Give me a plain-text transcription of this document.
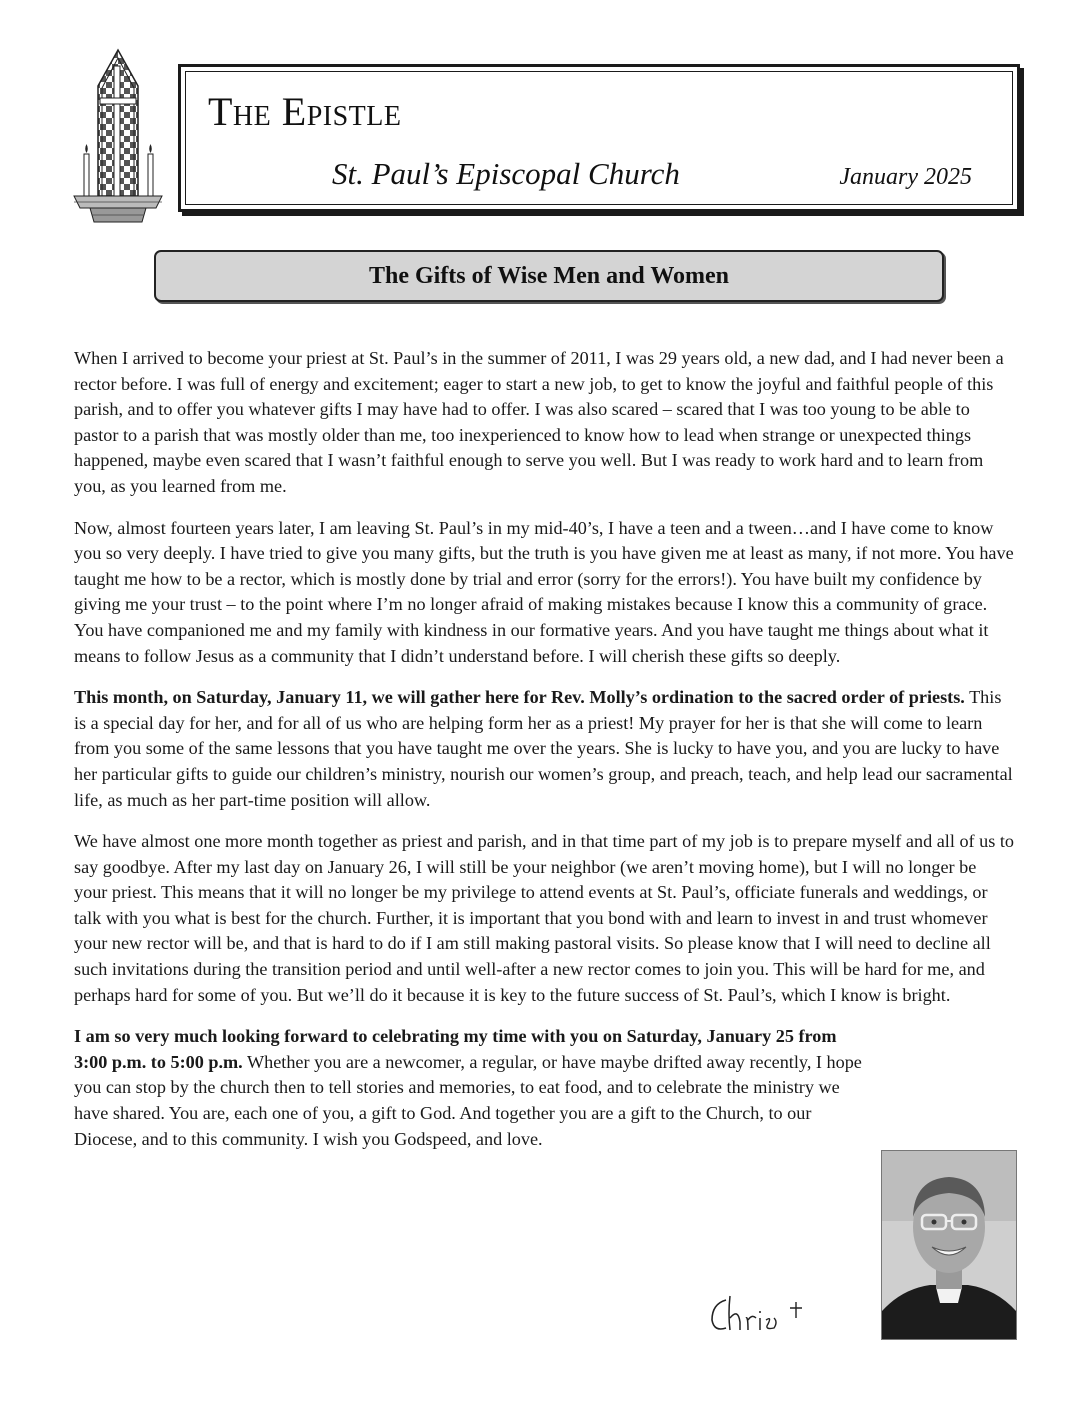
The Epistle
St. Paul’s Episcopal Church	January 2025
The Gifts of Wise Men and Women

When I arrived to become your priest at St. Paul’s in the summer of 2011, I was 29 years old, a new dad, and I had never been a rector before. I was full of energy and excitement; eager to start a new job, to get to know the joyful and faithful people of this parish, and to offer you whatever gifts I may have had to offer. I was also scared – scared that I was too young to be able to pastor to a parish that was mostly older than me, too inexperienced to know how to lead when strange or unexpected things happened, maybe even scared that I wasn’t faithful enough to serve you well. But I was ready to work hard and to learn from you, as you learned from me.

Now, almost fourteen years later, I am leaving St. Paul’s in my mid-40’s, I have a teen and a tween…and I have come to know you so very deeply. I have tried to give you many gifts, but the truth is you have given me at least as many, if not more. You have taught me how to be a rector, which is mostly done by trial and error (sorry for the errors!). You have built my confidence by giving me your trust – to the point where I’m no longer afraid of making mistakes because I know this a community of grace. You have companioned me and my family with kindness in our formative years. And you have taught me things about what it means to follow Jesus as a community that I didn’t understand before. I will cherish these gifts so deeply.

This month, on Saturday, January 11, we will gather here for Rev. Molly’s ordination to the sacred order of priests. This is a special day for her, and for all of us who are helping form her as a priest! My prayer for her is that she will come to learn from you some of the same lessons that you have taught me over the years. She is lucky to have you, and you are lucky to have her particular gifts to guide our children’s ministry, nourish our women’s group, and preach, teach, and help lead our sacramental life, as much as her part-time position will allow.

We have almost one more month together as priest and parish, and in that time part of my job is to prepare myself and all of us to say goodbye. After my last day on January 26, I will still be your neighbor (we aren’t moving home), but I will no longer be your priest. This means that it will no longer be my privilege to attend events at St. Paul’s, officiate funerals and weddings, or talk with you what is best for the church. Further, it is important that you bond with and learn to invest in and trust whomever your new rector will be, and that is hard to do if I am still making pastoral visits. So please know that I will need to decline all such invitations during the transition period and until well-after a new rector comes to join you. This will be hard for me, and perhaps hard for some of you. But we’ll do it because it is key to the future success of St. Paul’s, which I know is bright.

I am so very much looking forward to celebrating my time with you on Saturday, January 25 from 3:00 p.m. to 5:00 p.m. Whether you are a newcomer, a regular, or have maybe drifted away recently, I hope you can stop by the church then to tell stories and memories, to eat food, and to celebrate the ministry we have shared. You are, each one of you, a gift to God. And together you are a gift to the Church, to our Diocese, and to this community. I wish you Godspeed, and love.
